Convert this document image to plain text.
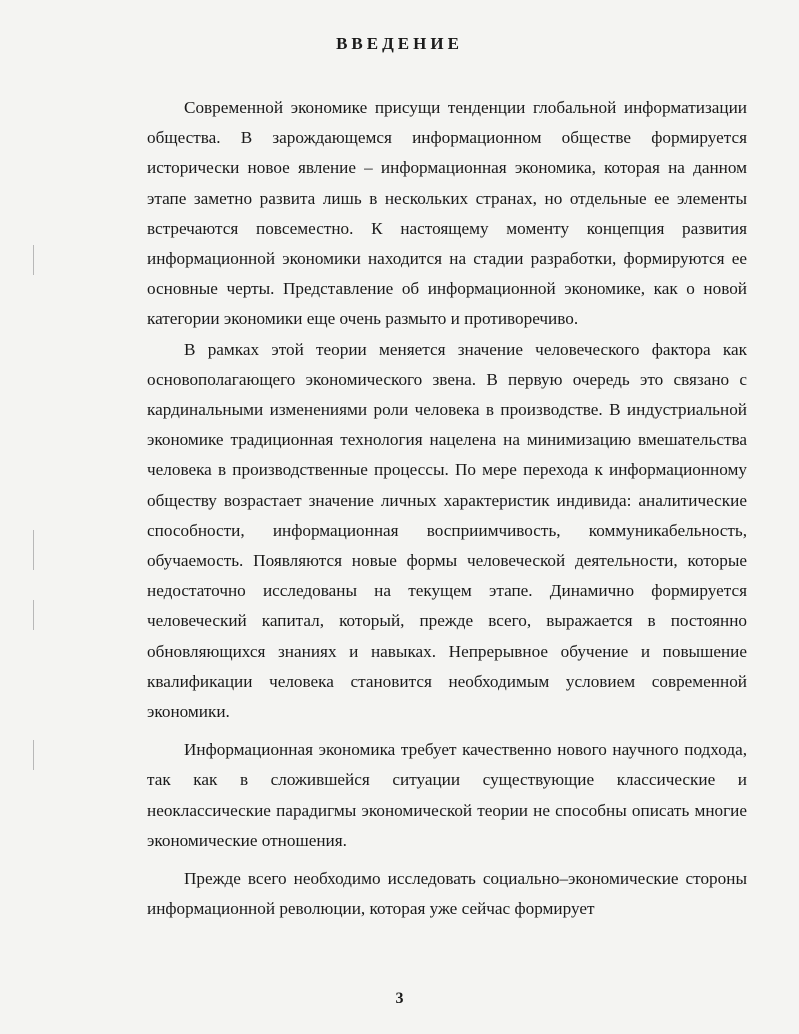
ВВЕДЕНИЕ

Современной экономике присущи тенденции глобальной информатизации общества. В зарождающемся информационном обществе формируется исторически новое явление – информационная экономика, которая на данном этапе заметно развита лишь в нескольких странах, но отдельные ее элементы встречаются повсеместно. К настоящему моменту концепция развития информационной экономики находится на стадии разработки, формируются ее основные черты. Представление об информационной экономике, как о новой категории экономики еще очень размыто и противоречиво.

В рамках этой теории меняется значение человеческого фактора как основополагающего экономического звена. В первую очередь это связано с кардинальными изменениями роли человека в производстве. В индустриальной экономике традиционная технология нацелена на минимизацию вмешательства человека в производственные процессы. По мере перехода к информационному обществу возрастает значение личных характеристик индивида: аналитические способности, информационная восприимчивость, коммуникабельность, обучаемость. Появляются новые формы человеческой деятельности, которые недостаточно исследованы на текущем этапе. Динамично формируется человеческий капитал, который, прежде всего, выражается в постоянно обновляющихся знаниях и навыках. Непрерывное обучение и повышение квалификации человека становится необходимым условием современной экономики.

Информационная экономика требует качественно нового научного подхода, так как в сложившейся ситуации существующие классические и неоклассические парадигмы экономической теории не способны описать многие экономические отношения.

Прежде всего необходимо исследовать социально–экономические стороны информационной революции, которая уже сейчас формирует

3
